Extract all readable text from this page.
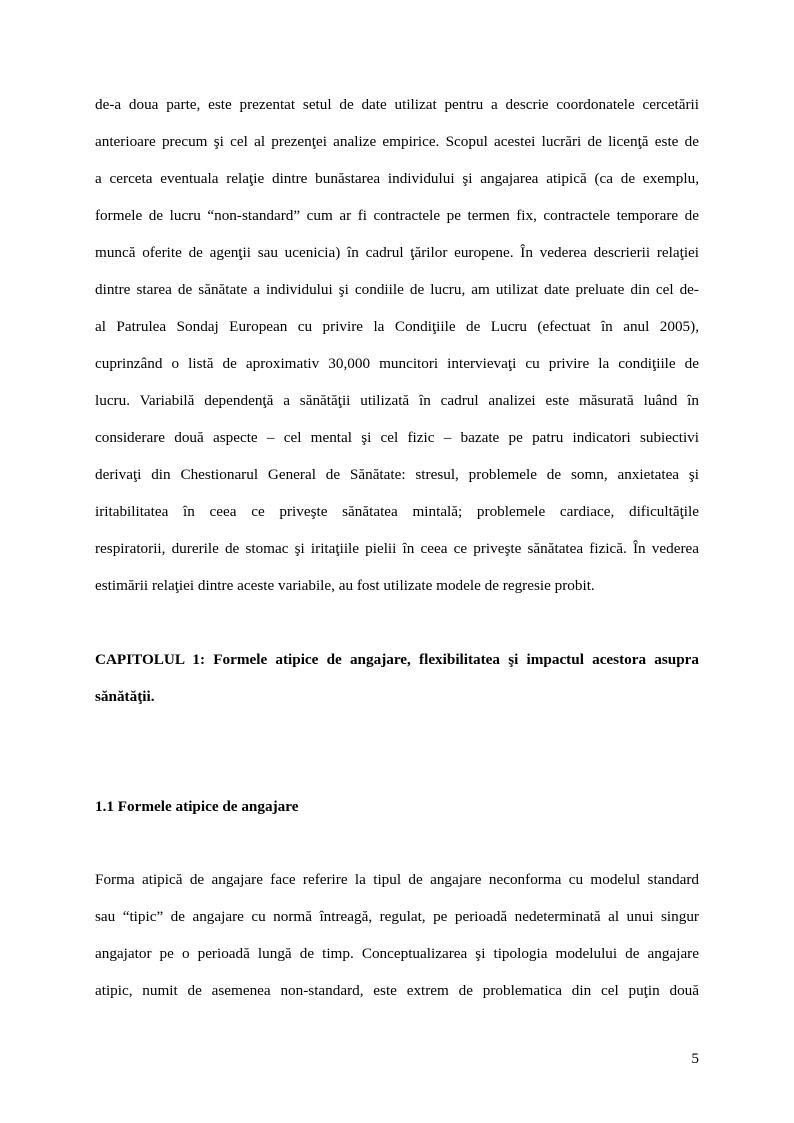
de-a doua parte, este prezentat setul de date utilizat pentru a descrie coordonatele cercetării
anterioare precum şi cel al prezenţei analize empirice. Scopul acestei lucrări de licenţă este de
a cerceta eventuala relaţie dintre bunăstarea individului şi angajarea atipică (ca de exemplu,
formele de lucru “non-standard” cum ar fi contractele pe termen fix, contractele temporare de
muncă oferite de agenţii sau ucenicia) în cadrul ţărilor europene. În vederea descrierii relaţiei
dintre starea de sănătate a individului şi condiile de lucru, am utilizat date preluate din cel de-
al Patrulea Sondaj European cu privire la Condiţiile de Lucru (efectuat în anul 2005),
cuprinzând o listă de aproximativ 30,000 muncitori intervievaţi cu privire la condiţiile de
lucru. Variabilă dependenţă a sănătăţii utilizată în cadrul analizei este măsurată luând în
considerare două aspecte – cel mental şi cel fizic – bazate pe patru indicatori subiectivi
derivaţi din Chestionarul General de Sănătate: stresul, problemele de somn, anxietatea şi
iritabilitatea în ceea ce priveşte sănătatea mintală; problemele cardiace, dificultăţile
respiratorii, durerile de stomac şi iritaţiile pielii în ceea ce priveşte sănătatea fizică. În vederea
estimării relaţiei dintre aceste variabile, au fost utilizate modele de regresie probit.
CAPITOLUL 1: Formele atipice de angajare, flexibilitatea şi impactul acestora asupra
sănătăţii.
1.1 Formele atipice de angajare
Forma atipică de angajare face referire la tipul de angajare neconforma cu modelul standard
sau “tipic” de angajare cu normă întreagă, regulat, pe perioadă nedeterminată al unui singur
angajator pe o perioadă lungă de timp. Conceptualizarea şi tipologia modelului de angajare
atipic, numit de asemenea non-standard, este extrem de problematica din cel puţin două
5
